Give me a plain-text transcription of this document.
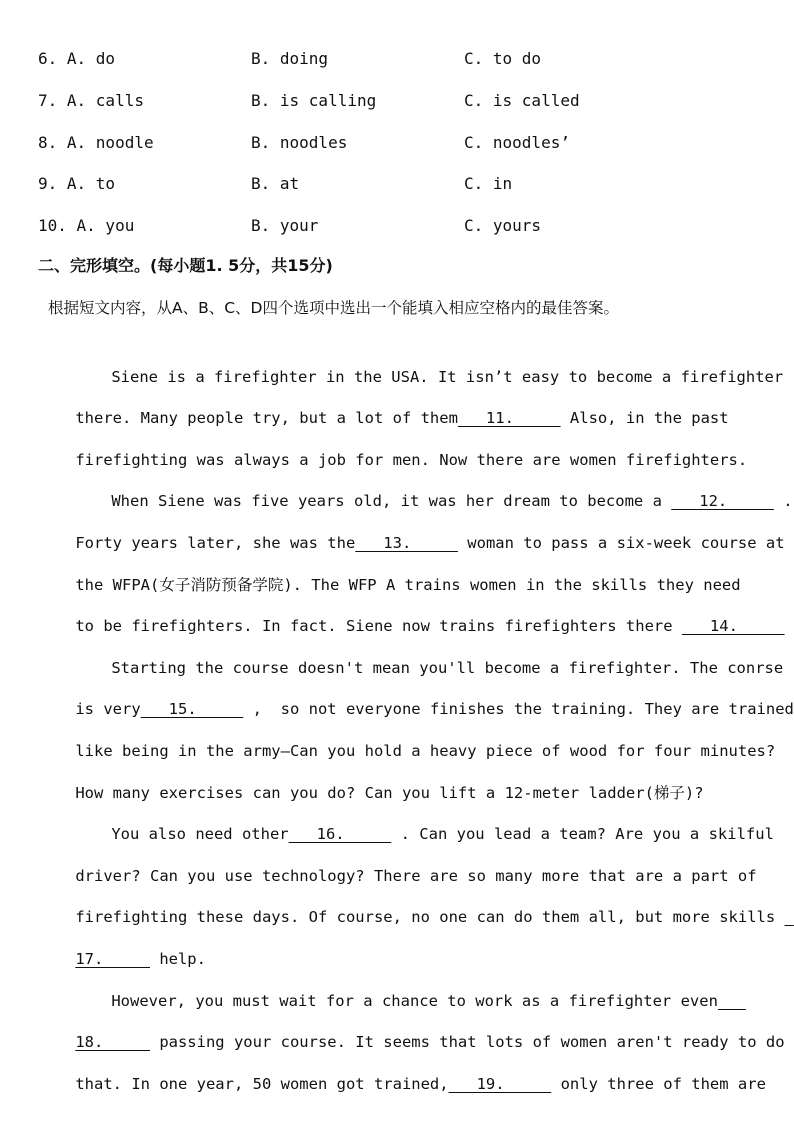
6. A. do

	B. doing

	C. to do

7. A. calls

	B. is calling

	C. is called

8. A. noodle

	B. noodles

	C. noodles’

9. A. to

	B. at

	C. in

10. A. you

	B. your

	C. yours

二、完形填空。(每小题1. 5分，共15分)
根据短文内容，从A、B、C、D四个选项中选出一个能填入相应空格内的最佳答案。

Siene is a firefighter in the USA. It isn’t easy to become a firefighter

there. Many people try, but a lot of them   11.      Also, in the past

firefighting was always a job for men. Now there are women firefighters.

When Siene was five years old, it was her dream to become a    12.      .

Forty years later, she was the   13.      woman to pass a six-week course at

the WFPA(女子消防预备学院). The WFP A trains women in the skills they need

to be firefighters. In fact. Siene now trains firefighters there    14.

Starting the course doesn't mean you'll become a firefighter. The conrse

is very   15.      ,  so not everyone finishes the training. They are trained

like being in the army—Can you hold a heavy piece of wood for four minutes?

How many exercises can you do? Can you lift a 12-meter ladder(梯子)?

You also need other   16.      . Can you lead a team? Are you a skilful

driver? Can you use technology? There are so many more that are a part of

firefighting these days. Of course, no one can do them all, but more skills

17.      help.

However, you must wait for a chance to work as a firefighter even

18.      passing your course. It seems that lots of women aren't ready to do

that. In one year, 50 women got trained,   19.      only three of them are
